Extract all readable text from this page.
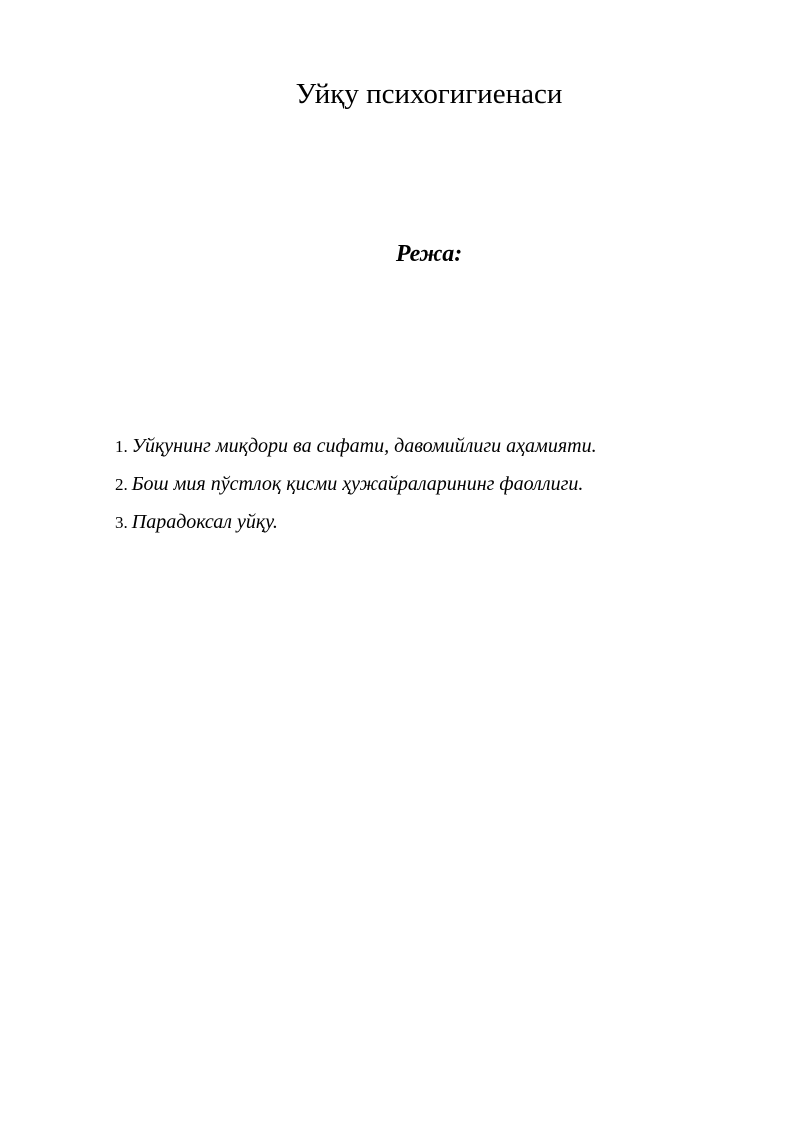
Уйқу психогигиенаси
Режа:
1. Уйқунинг миқдори ва сифати, давомийлиги аҳамияти.
2. Бош мия пўстлоқ қисми ҳужайраларининг фаоллиги.
3. Парадоксал уйқу.
